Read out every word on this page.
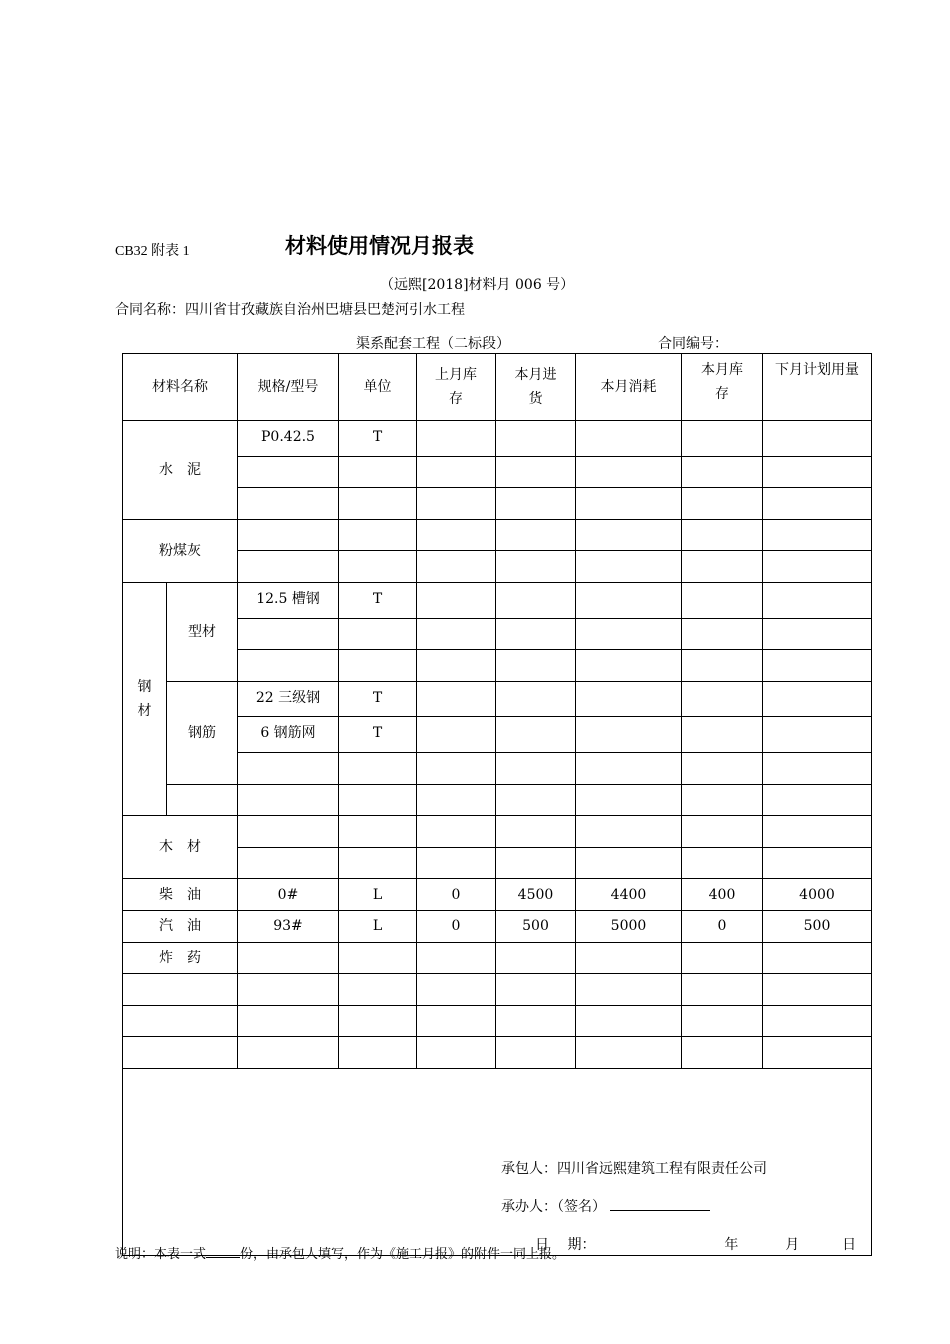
CB32 附表 1	材料使用情况月报表
（远熙[2018]材料月 006 号）
合同名称：四川省甘孜藏族自治州巴塘县巴楚河引水工程
渠系配套工程（二标段）	合同编号：
材料名称		规格/型号	单位	上月库存	本月进货	本月消耗	本月库存	下月计划用量

水　泥		P0.42.5	T					

粉煤灰								

钢材	型材	12.5 槽钢	T					

	钢筋	22 三级钢	T					
		6 钢筋网	T					

木　材								

柴　油		0#	L	0	4500	4400	400	4000
汽　油		93#	L	0	500	5000	0	500
炸　药								

承包人：四川省远熙建筑工程有限责任公司
承办人：（签名）
日　 期： 年 月 日								
说明：本表一式	份，由承包人填写，作为《施工月报》的附件一同上报。
